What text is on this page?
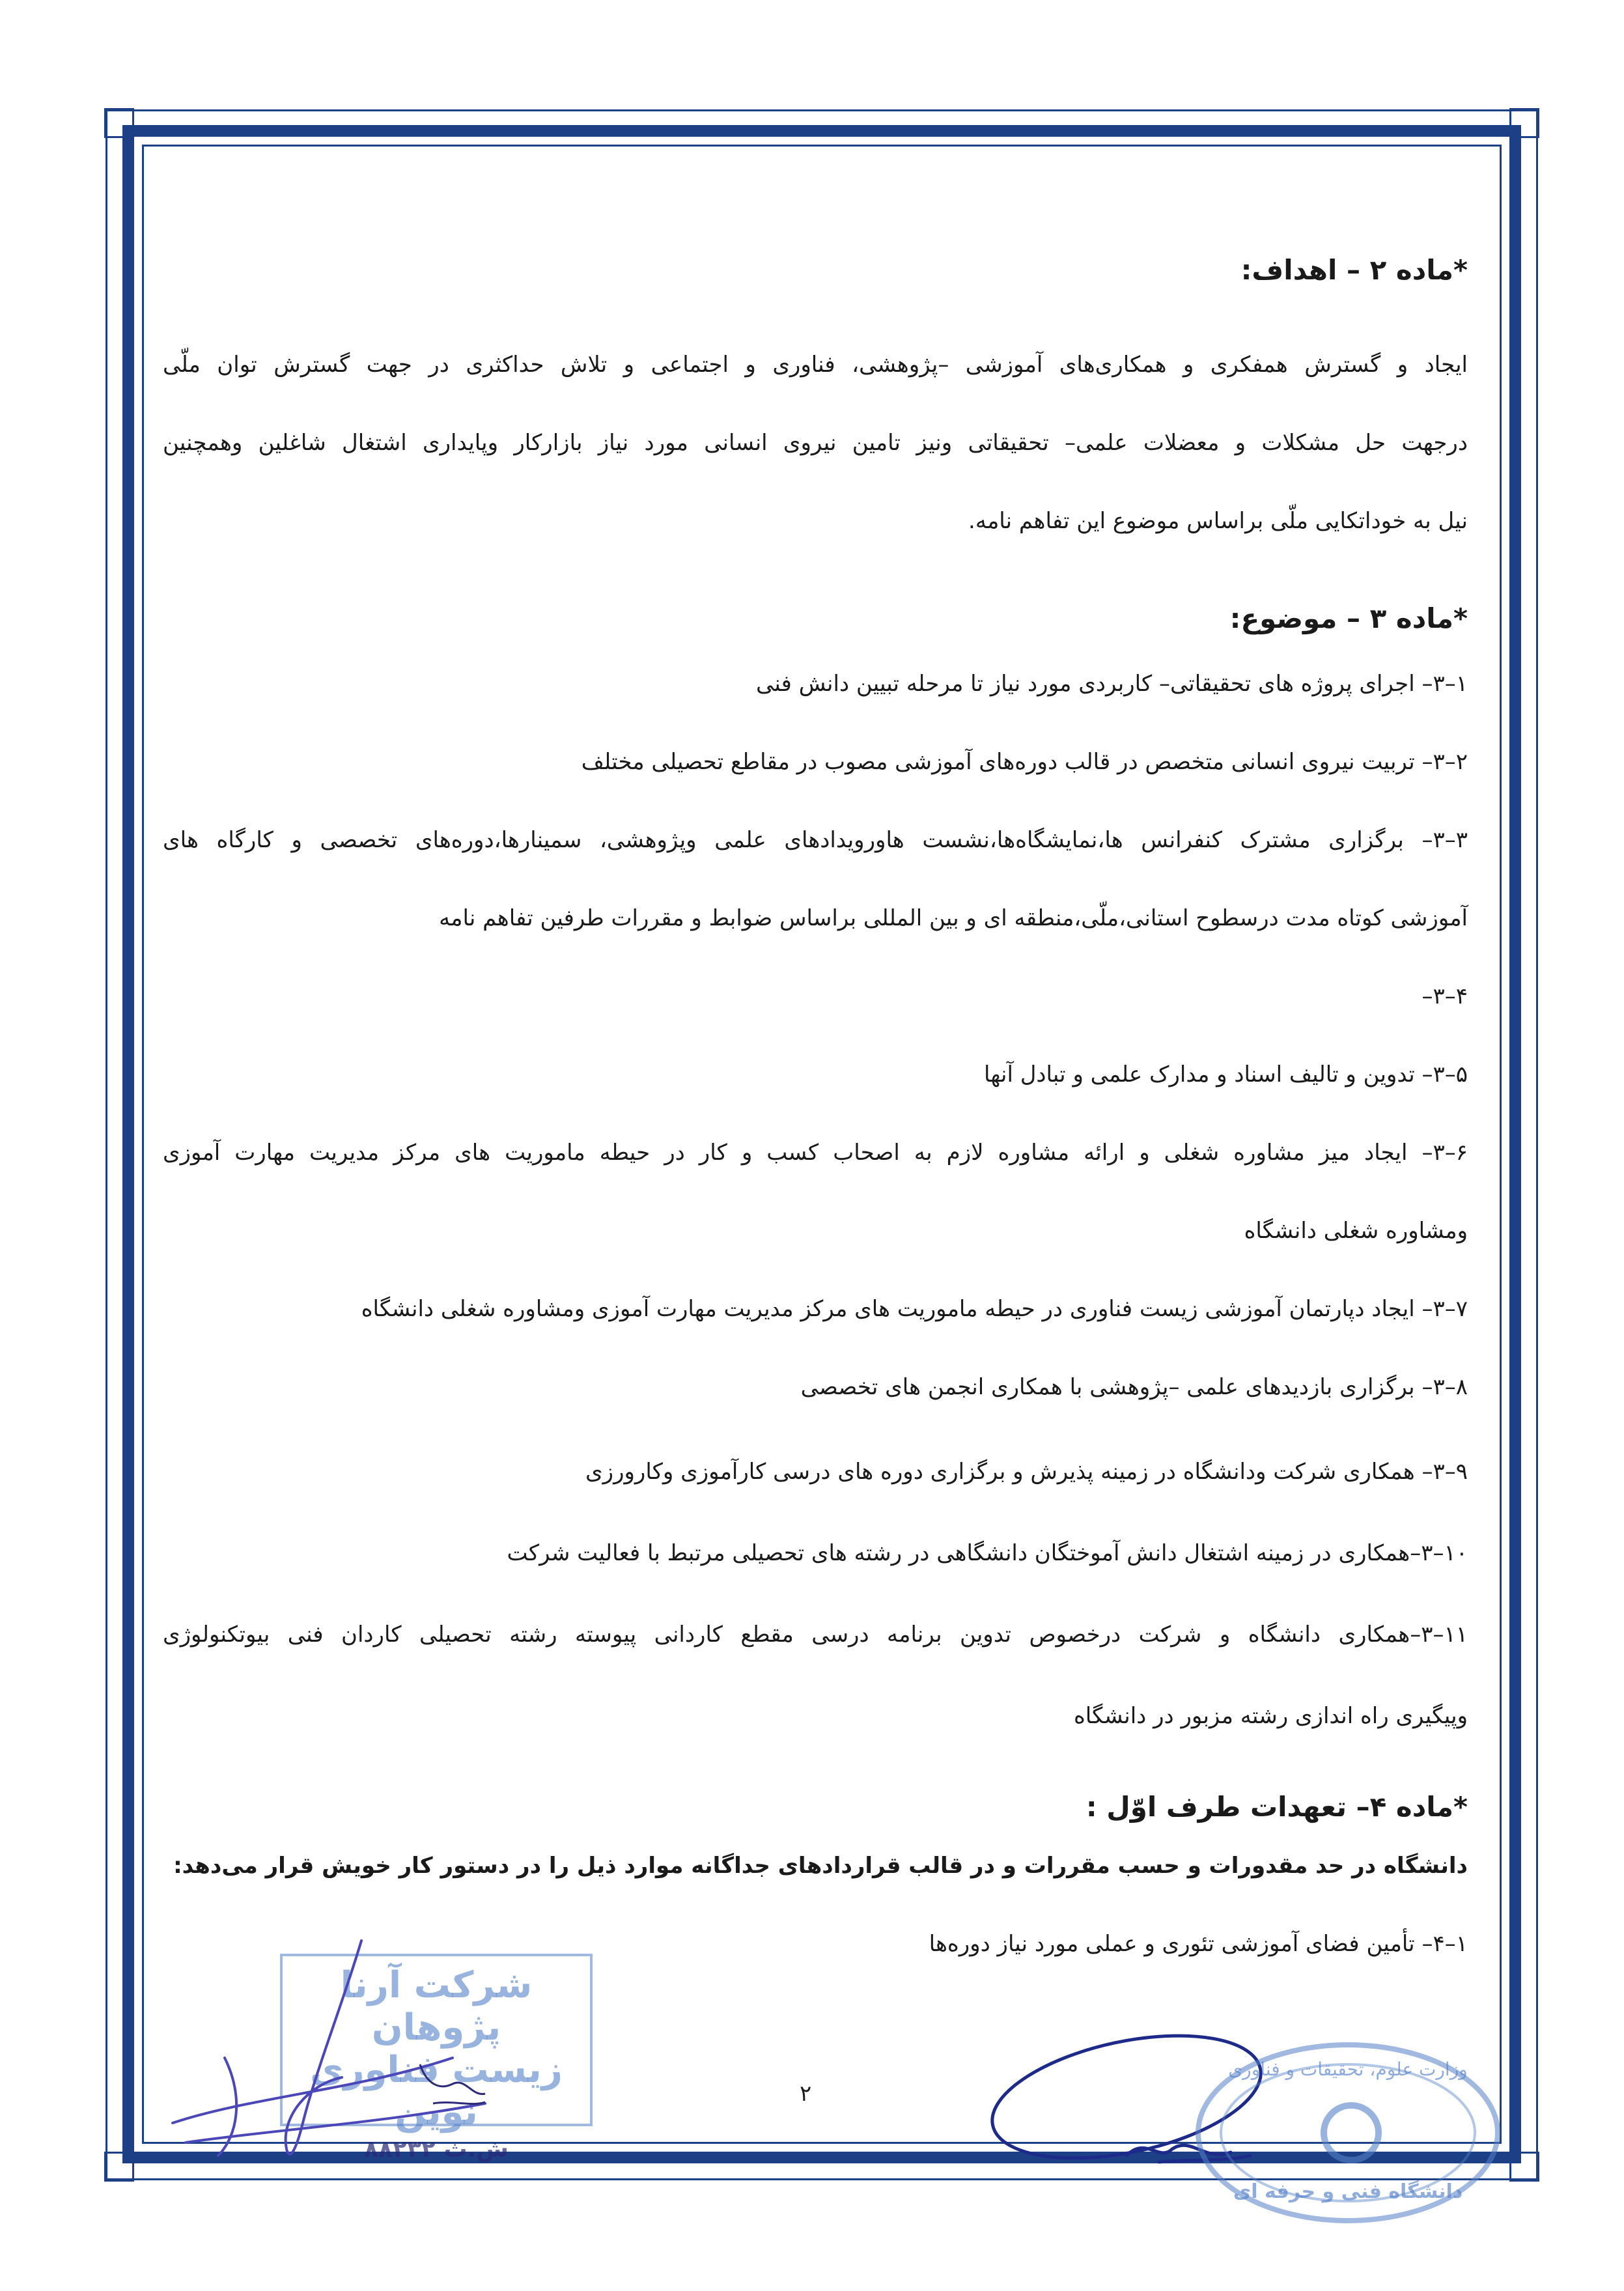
*ماده ۲ – اهداف:
ایجاد و گسترش همفکری و همکاری‌های آموزشی –پژوهشی، فناوری و اجتماعی و تلاش حداکثری در جهت گسترش توان ملّی
درجهت حل مشکلات و معضلات علمی– تحقیقاتی ونیز تامین نیروی انسانی مورد نیاز بازارکار وپایداری اشتغال شاغلین وهمچنین
نیل به خوداتکایی ملّی براساس موضوع این تفاهم نامه.
*ماده ۳ – موضوع:
۱–۳– اجرای پروژه های تحقیقاتی– کاربردی مورد نیاز تا مرحله تبیین دانش فنی
۲–۳– تربیت نیروی انسانی متخصص در قالب دوره‌های آموزشی مصوب در مقاطع تحصیلی مختلف
۳–۳– برگزاری مشترک کنفرانس ها،نمایشگاه‌ها،نشست هاورویدادهای علمی وپژوهشی، سمینارها،دوره‌های تخصصی و کارگاه های
آموزشی کوتاه مدت درسطوح استانی،ملّی،منطقه ای و بین المللی براساس ضوابط و مقررات طرفین تفاهم نامه
۴–۳–
۵–۳– تدوین و تالیف اسناد و مدارک علمی و تبادل آنها
۶–۳– ایجاد میز مشاوره شغلی و ارائه مشاوره لازم به اصحاب کسب و کار در حیطه ماموریت های مرکز مدیریت مهارت آموزی
ومشاوره شغلی دانشگاه
۷–۳– ایجاد دپارتمان آموزشی زیست فناوری در حیطه ماموریت های مرکز مدیریت مهارت آموزی ومشاوره شغلی دانشگاه
۸–۳– برگزاری بازدیدهای علمی –پژوهشی با همکاری انجمن های تخصصی
۹–۳– همکاری شرکت ودانشگاه در زمینه پذیرش و برگزاری دوره های درسی کارآموزی وکارورزی
۱۰–۳–همکاری در زمینه اشتغال دانش آموختگان دانشگاهی در رشته های تحصیلی مرتبط با فعالیت شرکت
۱۱–۳–همکاری دانشگاه و شرکت درخصوص تدوین برنامه درسی مقطع کاردانی پیوسته رشته تحصیلی کاردان فنی بیوتکنولوژی
وپیگیری راه اندازی رشته مزبور در دانشگاه
*ماده ۴– تعهدات طرف اوّل :
دانشگاه در حد مقدورات و حسب مقررات و در قالب قراردادهای جداگانه موارد ذیل را در دستور کار خویش قرار می‌دهد:
۱–۴– تأمین فضای آموزشی تئوری و عملی مورد نیاز دوره‌ها
۲
شرکت آرنا پژوهان
زیست فناوری نوین
ش.ث ۸۸۲۳۲
وزارت علوم، تحقیقات و فناوری
دانشگاه فنی و حرفه ای
